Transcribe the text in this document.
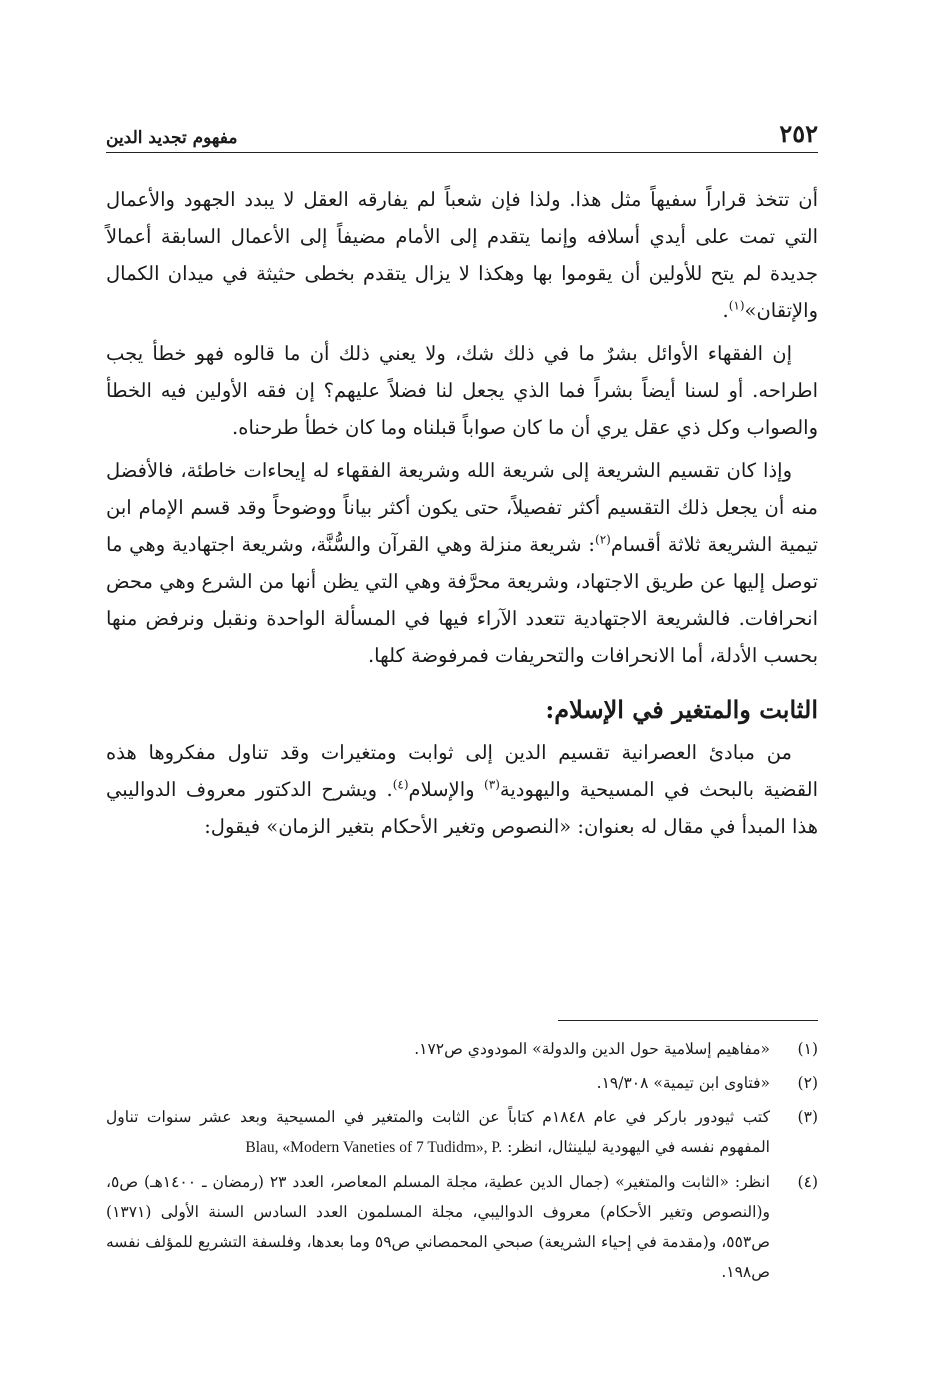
٢٥٢
مفهوم تجديد الدين

أن تتخذ قراراً سفيهاً مثل هذا. ولذا فإن شعباً لم يفارقه العقل لا يبدد الجهود والأعمال التي تمت على أيدي أسلافه وإنما يتقدم إلى الأمام مضيفاً إلى الأعمال السابقة أعمالاً جديدة لم يتح للأولين أن يقوموا بها وهكذا لا يزال يتقدم بخطى حثيثة في ميدان الكمال والإتقان»$^{(١)}$.

إن الفقهاء الأوائل بشرٌ ما في ذلك شك، ولا يعني ذلك أن ما قالوه فهو خطأ يجب اطراحه. أو لسنا أيضاً بشراً فما الذي يجعل لنا فضلاً عليهم؟ إن فقه الأولين فيه الخطأ والصواب وكل ذي عقل يري أن ما كان صواباً قبلناه وما كان خطأ طرحناه.

وإذا كان تقسيم الشريعة إلى شريعة الله وشريعة الفقهاء له إيحاءات خاطئة، فالأفضل منه أن يجعل ذلك التقسيم أكثر تفصيلاً، حتى يكون أكثر بياناً ووضوحاً وقد قسم الإمام ابن تيمية الشريعة ثلاثة أقسام$^{(٢)}$: شريعة منزلة وهي القرآن والسُّنَّة، وشريعة اجتهادية وهي ما توصل إليها عن طريق الاجتهاد، وشريعة محرَّفة وهي التي يظن أنها من الشرع وهي محض انحرافات. فالشريعة الاجتهادية تتعدد الآراء فيها في المسألة الواحدة ونقبل ونرفض منها بحسب الأدلة، أما الانحرافات والتحريفات فمرفوضة كلها.

الثابت والمتغير في الإسلام:

من مبادئ العصرانية تقسيم الدين إلى ثوابت ومتغيرات وقد تناول مفكروها هذه القضية بالبحث في المسيحية واليهودية$^{(٣)}$ والإسلام$^{(٤)}$. ويشرح الدكتور معروف الدواليبي هذا المبدأ في مقال له بعنوان: «النصوص وتغير الأحكام بتغير الزمان» فيقول:

(١)
«مفاهيم إسلامية حول الدين والدولة» المودودي ص١٧٢.
(٢)
«فتاوى ابن تيمية» ١٩/٣٠٨.
(٣)
كتب ثيودور باركر في عام ١٨٤٨م كتاباً عن الثابت والمتغير في المسيحية وبعد عشر سنوات تناول المفهوم نفسه في اليهودية ليلينثال، انظر: Blau, «Modern Vaneties of 7 Tudidm», P.
(٤)
انظر: «الثابت والمتغير» (جمال الدين عطية، مجلة المسلم المعاصر، العدد ٢٣ (رمضان ـ ١٤٠٠هـ) ص٥، و(النصوص وتغير الأحكام) معروف الدواليبي، مجلة المسلمون العدد السادس السنة الأولى (١٣٧١) ص٥٥٣، و(مقدمة في إحياء الشريعة) صبحي المحمصاني ص٥٩ وما بعدها، وفلسفة التشريع للمؤلف نفسه ص١٩٨.
